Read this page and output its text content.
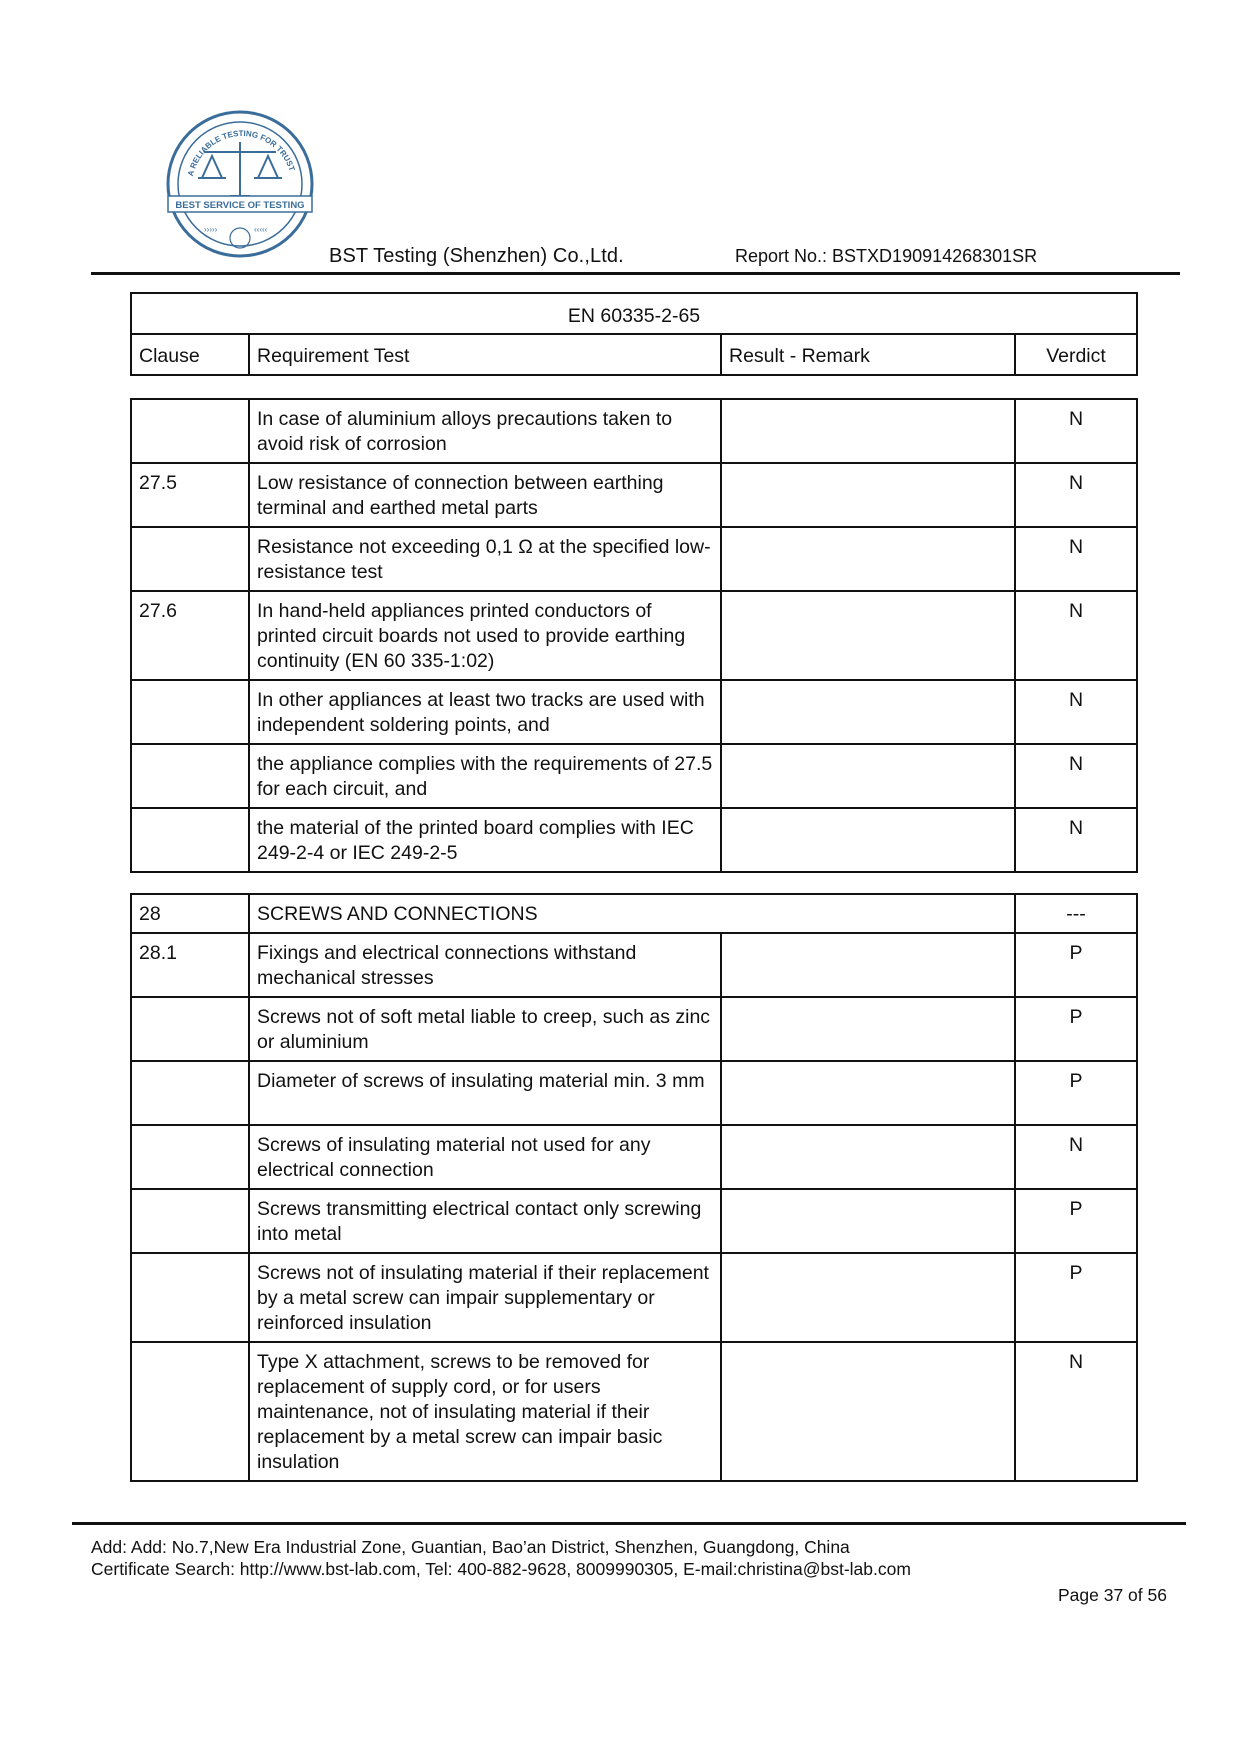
A RELIABLE TESTING FOR TRUST
BEST SERVICE OF TESTING
›››››	‹‹‹‹‹
BST Testing (Shenzhen) Co.,Ltd.	Report No.: BSTXD190914268301SR
EN 60335-2-65
Clause	Requirement Test	Result - Remark	Verdict
	In case of aluminium alloys precautions taken to avoid risk of corrosion		N
27.5	Low resistance of connection between earthing terminal and earthed metal parts		N
	Resistance not exceeding 0,1 Ω at the specified low-resistance test		N
27.6	In hand-held appliances printed conductors of printed circuit boards not used to provide earthing continuity (EN 60 335-1:02)		N
	In other appliances at least two tracks are used with independent soldering points, and		N
	the appliance complies with the requirements of 27.5 for each circuit, and		N
	the material of the printed board complies with IEC 249-2-4 or IEC 249-2-5		N
28	SCREWS AND CONNECTIONS		---
28.1	Fixings and electrical connections withstand mechanical stresses		P
	Screws not of soft metal liable to creep, such as zinc or aluminium		P
	Diameter of screws of insulating material min. 3 mm		P
	Screws of insulating material not used for any electrical connection		N
	Screws transmitting electrical contact only screwing into metal		P
	Screws not of insulating material if their replacement by a metal screw can impair supplementary or reinforced insulation		P
	Type X attachment, screws to be removed for replacement of supply cord, or for users maintenance, not of insulating material if their replacement by a metal screw can impair basic insulation		N
Add: Add: No.7,New Era Industrial Zone, Guantian, Bao’an District, Shenzhen, Guangdong, China
Certificate Search: http://www.bst-lab.com, Tel: 400-882-9628, 8009990305, E-mail:christina@bst-lab.com
Page 37 of 56
